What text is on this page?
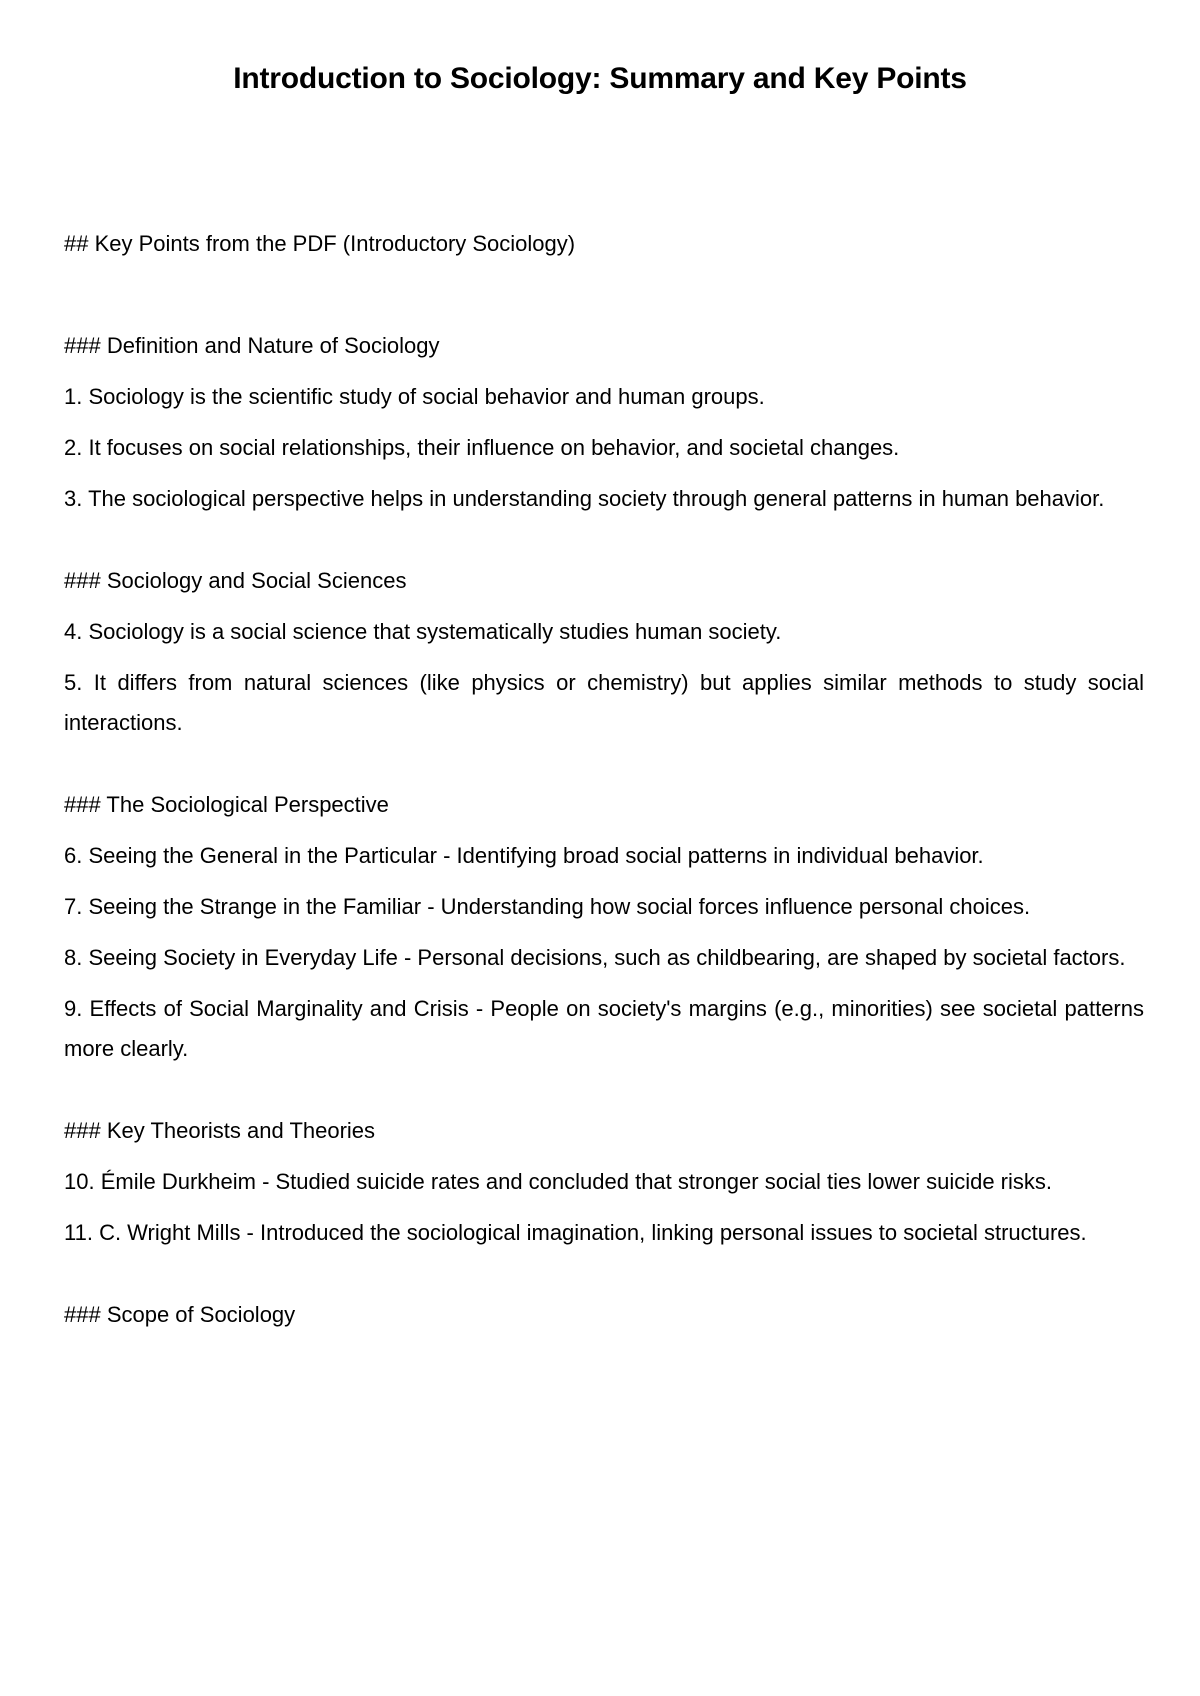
Introduction to Sociology: Summary and Key Points

## Key Points from the PDF (Introductory Sociology)

### Definition and Nature of Sociology

1. Sociology is the scientific study of social behavior and human groups.

2. It focuses on social relationships, their influence on behavior, and societal changes.

3. The sociological perspective helps in understanding society through general patterns in human behavior.

### Sociology and Social Sciences

4. Sociology is a social science that systematically studies human society.

5. It differs from natural sciences (like physics or chemistry) but applies similar methods to study social interactions.

### The Sociological Perspective

6. Seeing the General in the Particular - Identifying broad social patterns in individual behavior.

7. Seeing the Strange in the Familiar - Understanding how social forces influence personal choices.

8. Seeing Society in Everyday Life - Personal decisions, such as childbearing, are shaped by societal factors.

9. Effects of Social Marginality and Crisis - People on society's margins (e.g., minorities) see societal patterns more clearly.

### Key Theorists and Theories

10. Émile Durkheim - Studied suicide rates and concluded that stronger social ties lower suicide risks.

11. C. Wright Mills - Introduced the sociological imagination, linking personal issues to societal structures.

### Scope of Sociology
